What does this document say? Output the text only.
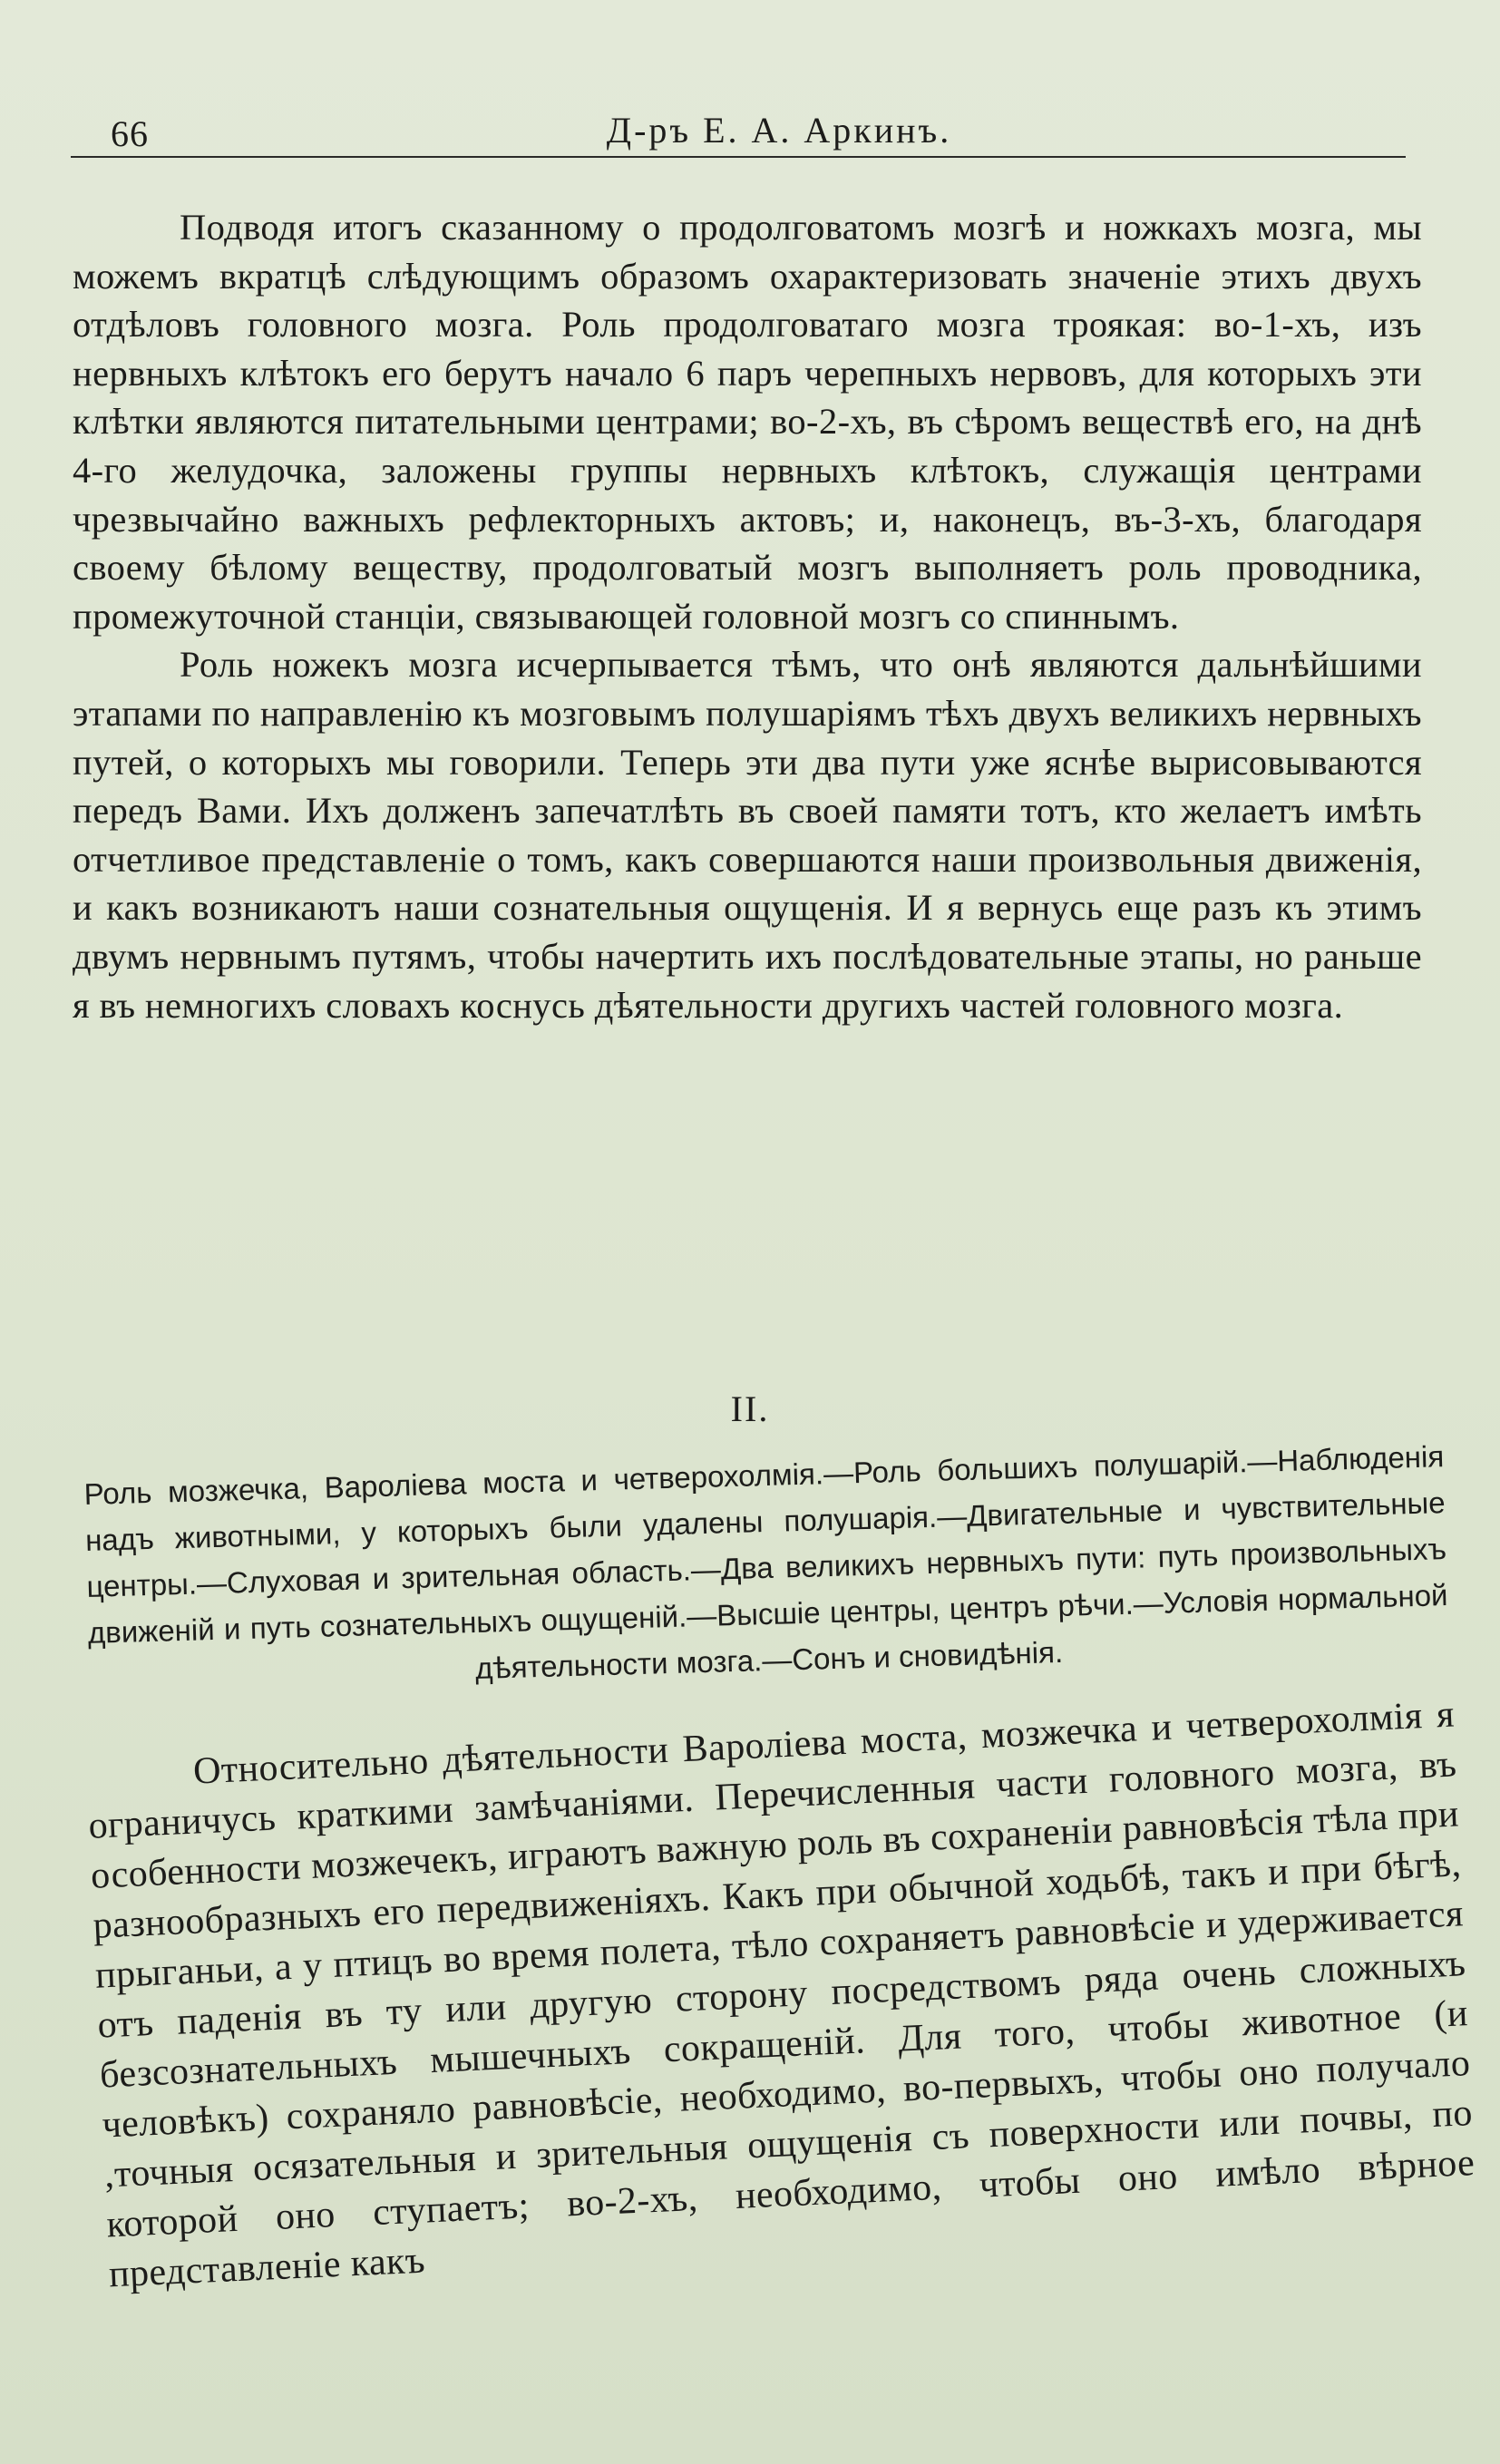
66	Д-ръ Е. А. Аркинъ.

Подводя итогъ сказанному о продолговатомъ мозгѣ и ножкахъ мозга, мы можемъ вкратцѣ слѣдующимъ образомъ охарактеризовать значеніе этихъ двухъ отдѣловъ головного мозга. Роль продолговатаго мозга троякая: во-1-хъ, изъ нервныхъ клѣтокъ его берутъ начало 6 паръ черепныхъ нервовъ, для которыхъ эти клѣтки являются питательными центрами; во-2-хъ, въ сѣромъ веществѣ его, на днѣ 4-го желудочка, заложены группы нервныхъ клѣтокъ, служащія центрами чрезвычайно важныхъ рефлекторныхъ актовъ; и, наконецъ, въ-3-хъ, благодаря своему бѣлому веществу, продолговатый мозгъ выполняетъ роль проводника, промежуточной станціи, связывающей головной мозгъ со спиннымъ.

Роль ножекъ мозга исчерпывается тѣмъ, что онѣ являются дальнѣйшими этапами по направленію къ мозговымъ полушаріямъ тѣхъ двухъ великихъ нервныхъ путей, о которыхъ мы говорили. Теперь эти два пути уже яснѣе вырисовываются передъ Вами. Ихъ долженъ запечатлѣть въ своей памяти тотъ, кто желаетъ имѣть отчетливое представленіе о томъ, какъ совершаются наши произвольныя движенія, и какъ возникаютъ наши сознательныя ощущенія. И я вернусь еще разъ къ этимъ двумъ нервнымъ путямъ, чтобы начертить ихъ послѣдовательные этапы, но раньше я въ немногихъ словахъ коснусь дѣятельности другихъ частей головного мозга.

II.
Роль мозжечка, Вароліева моста и четверохолмія.—Роль большихъ полушарій.—Наблюденія надъ животными, у которыхъ были удалены полушарія.—Двигательные и чувствительные центры.—Слуховая и зрительная область.—Два великихъ нервныхъ пути: путь произвольныхъ движеній и путь сознательныхъ ощущеній.—Высшіе центры, центръ рѣчи.—Условія нормальной дѣятельности мозга.—Сонъ и сновидѣнія.

Относительно дѣятельности Вароліева моста, мозжечка и четверохолмія я ограничусь краткими замѣчаніями. Перечисленныя части головного мозга, въ особенности мозжечекъ, играютъ важную роль въ сохраненіи равновѣсія тѣла при разнообразныхъ его передвиженіяхъ. Какъ при обычной ходьбѣ, такъ и при бѣгѣ, прыганьи, а у птицъ во время полета, тѣло сохраняетъ равновѣсіе и удерживается отъ паденія въ ту или другую сторону посредствомъ ряда очень сложныхъ безсознательныхъ мышечныхъ сокращеній. Для того, чтобы животное (и человѣкъ) сохраняло равновѣсіе, необходимо, во-первыхъ, чтобы оно получало ,точныя осязательныя и зрительныя ощущенія съ поверхности или почвы, по которой оно ступаетъ; во-2-хъ, необходимо, чтобы оно имѣло вѣрное представленіе какъ
